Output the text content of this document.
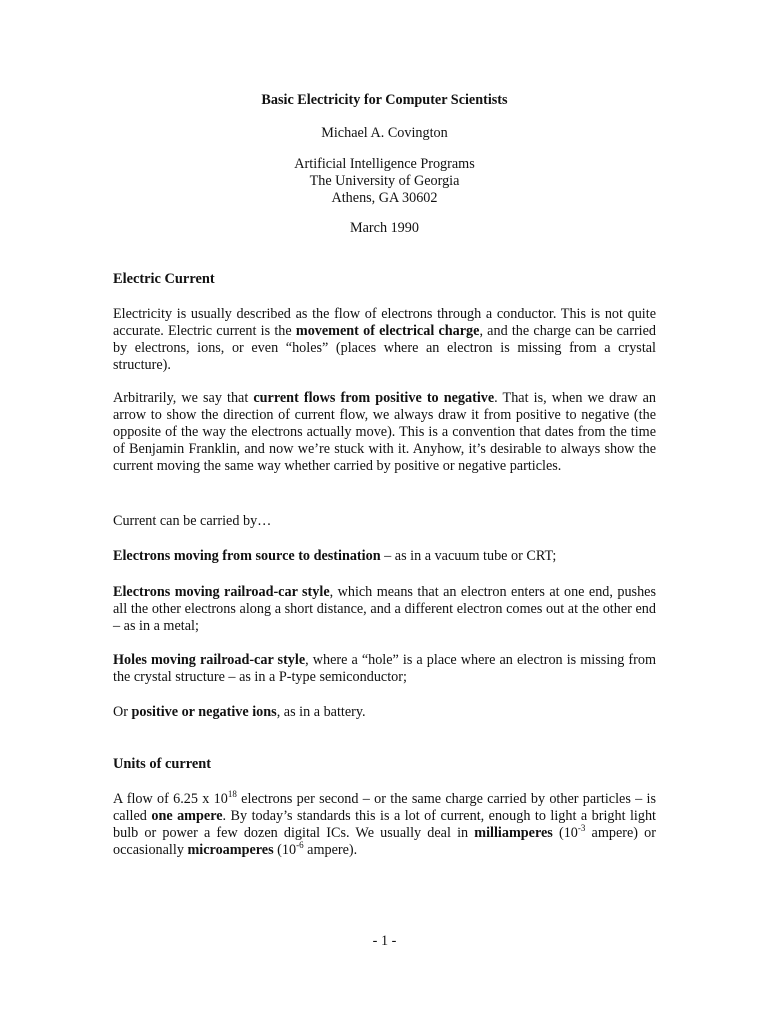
Basic Electricity for Computer Scientists
Michael A. Covington
Artificial Intelligence Programs
The University of Georgia
Athens, GA 30602
March 1990
Electric Current

Electricity is usually described as the flow of electrons through a conductor. This is not quite accurate. Electric current is the movement of electrical charge, and the charge can be carried by electrons, ions, or even “holes” (places where an electron is missing from a crystal structure).

Arbitrarily, we say that current flows from positive to negative. That is, when we draw an arrow to show the direction of current flow, we always draw it from positive to negative (the opposite of the way the electrons actually move). This is a convention that dates from the time of Benjamin Franklin, and now we’re stuck with it. Anyhow, it’s desirable to always show the current moving the same way whether carried by positive or negative particles.

Current can be carried by…

Electrons moving from source to destination – as in a vacuum tube or CRT;

Electrons moving railroad-car style, which means that an electron enters at one end, pushes all the other electrons along a short distance, and a different electron comes out at the other end – as in a metal;

Holes moving railroad-car style, where a “hole” is a place where an electron is missing from the crystal structure – as in a P-type semiconductor;

Or positive or negative ions, as in a battery.

Units of current

A flow of 6.25 x $10^{18}$ electrons per second – or the same charge carried by other particles – is called one ampere. By today’s standards this is a lot of current, enough to light a bright light bulb or power a few dozen digital ICs. We usually deal in milliamperes ($10^{-3}$ ampere) or occasionally microamperes ($10^{-6}$ ampere).

- 1 -
